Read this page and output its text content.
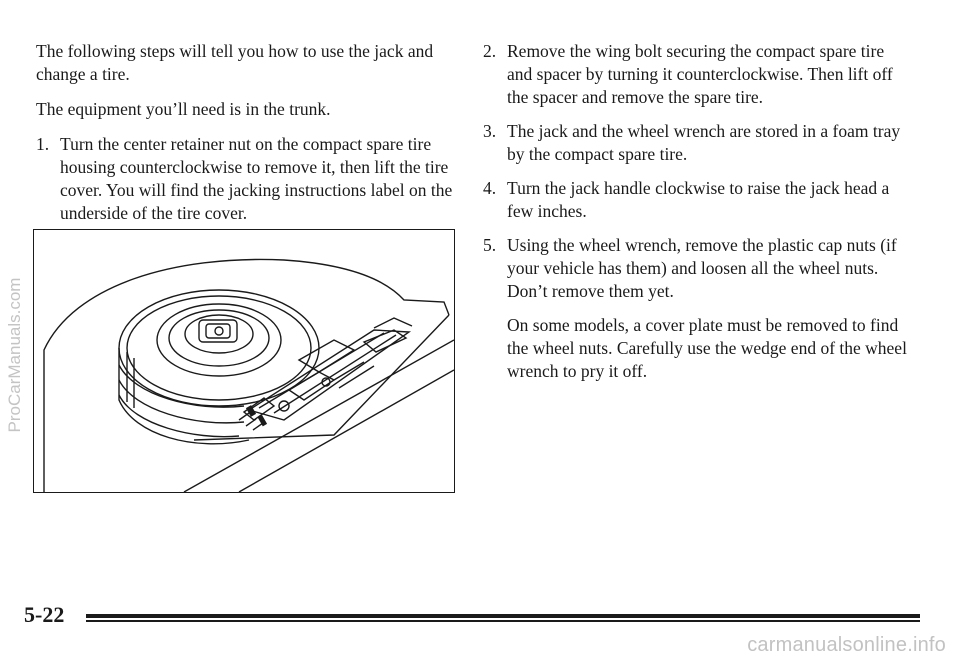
ProCarManuals.com

The following steps will tell you how to use the jack and change a tire.

The equipment you’ll need is in the trunk.

1. Turn the center retainer nut on the compact spare tire housing counterclockwise to remove it, then lift the tire cover. You will find the jacking instructions label on the underside of the tire cover.
2. Remove the wing bolt securing the compact spare tire and spacer by turning it counterclockwise. Then lift off the spacer and remove the spare tire.
3. The jack and the wheel wrench are stored in a foam tray by the compact spare tire.
4. Turn the jack handle clockwise to raise the jack head a few inches.
5. Using the wheel wrench, remove the plastic cap nuts (if your vehicle has them) and loosen all the wheel nuts. Don’t remove them yet.

On some models, a cover plate must be removed to find the wheel nuts. Carefully use the wedge end of the wheel wrench to pry it off.

5-22
carmanualsonline.info
